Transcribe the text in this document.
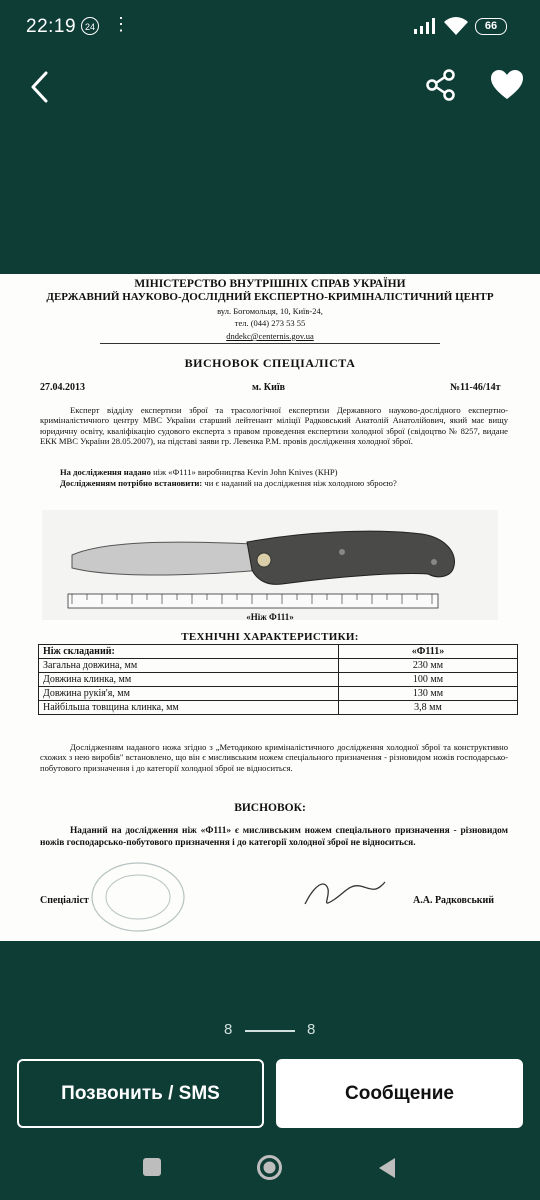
22:19 24 ⋮	66
МІНІСТЕРСТВО ВНУТРІШНІХ СПРАВ УКРАЇНИ
ДЕРЖАВНИЙ НАУКОВО-ДОСЛІДНИЙ ЕКСПЕРТНО-КРИМІНАЛІСТИЧНИЙ ЦЕНТР
вул. Богомольця, 10, Київ-24,
тел. (044) 273 53 55
dndekc@centernis.gov.ua
ВИСНОВОК СПЕЦІАЛІСТА
27.04.2013	м. Київ	№11-46/14т
Експерт відділу експертизи зброї та трасологічної експертизи Державного науково-дослідного експертно-криміналістичного центру МВС України старший лейтенант міліції Радковський Анатолій Анатолійович, який має вищу юридичну освіту, кваліфікацію судового експерта з правом проведення експертизи холодної зброї (свідоцтво № 8257, видане ЕКК МВС України 28.05.2007), на підставі заяви гр. Левенка Р.М. провів дослідження холодної зброї.
На дослідження надано ніж «Ф111» виробництва Kevin John Knives (КНР)
Дослідженням потрібно встановити: чи є наданий на дослідження ніж холодною зброєю?
«Ніж Ф111»
ТЕХНІЧНІ ХАРАКТЕРИСТИКИ:
Ніж складаний:	«Ф111»
Загальна довжина, мм	230 мм
Довжина клинка, мм	100 мм
Довжина рукія'я, мм	130 мм
Найбільша товщина клинка, мм	3,8 мм
Дослідженням наданого ножа згідно з „Методикою криміналістичного дослідження холодної зброї та конструктивно схожих з нею виробів" встановлено, що він є мисливським ножем спеціального призначення - різновидом ножів господарсько-побутового призначення і до категорії холодної зброї не відноситься.
ВИСНОВОК:
Наданий на дослідження ніж «Ф111» є мисливським ножем спеціального призначення - різновидом ножів господарсько-побутового призначення і до категорії холодної зброї не відноситься.
Спеціаліст	А.А. Радковський
8	8
Позвонить / SMS	Сообщение
